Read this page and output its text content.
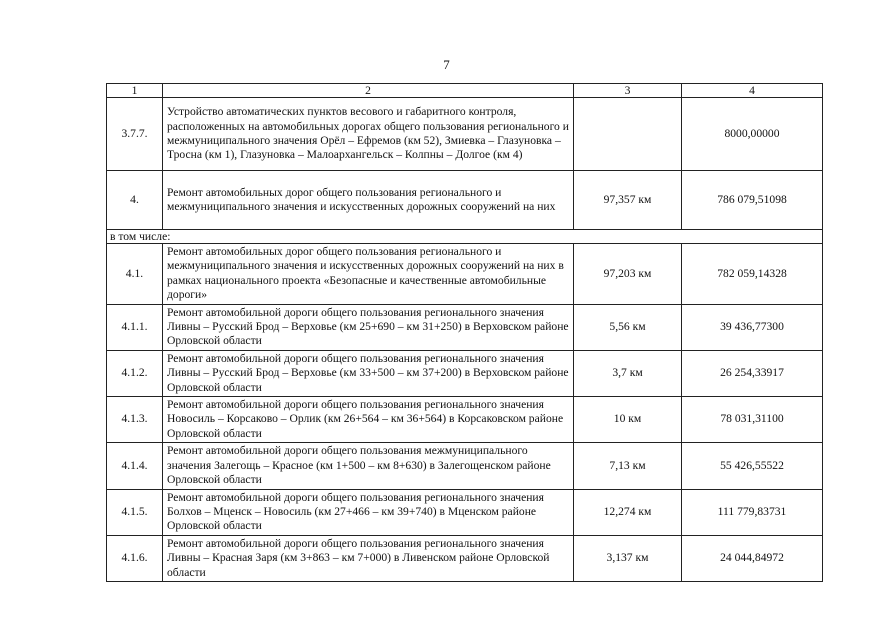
7
1	2	3	4
3.7.7.	Устройство автоматических пунктов весового и габаритного контроля, расположенных на автомобильных дорогах общего пользования регионального и межмуниципального значения Орёл – Ефремов (км 52), Змиевка – Глазуновка – Тросна (км 1), Глазуновка – Малоархангельск – Колпны – Долгое (км 4)		8000,00000
4.	Ремонт автомобильных дорог общего пользования регионального и межмуниципального значения и искусственных дорожных сооружений на них	97,357 км	786 079,51098
в том числе:			
4.1.	Ремонт автомобильных дорог общего пользования регионального и межмуниципального значения и искусственных дорожных сооружений на них в рамках национального проекта «Безопасные и качественные автомобильные дороги»	97,203 км	782 059,14328
4.1.1.	Ремонт автомобильной дороги общего пользования регионального значения Ливны – Русский Брод – Верховье (км 25+690 – км 31+250) в Верховском районе Орловской области	5,56 км	39 436,77300
4.1.2.	Ремонт автомобильной дороги общего пользования регионального значения Ливны – Русский Брод – Верховье (км 33+500 – км 37+200) в Верховском районе Орловской области	3,7 км	26 254,33917
4.1.3.	Ремонт автомобильной дороги общего пользования регионального значения Новосиль – Корсаково – Орлик (км 26+564 – км 36+564) в Корсаковском районе Орловской области	10 км	78 031,31100
4.1.4.	Ремонт автомобильной дороги общего пользования межмуниципального значения Залегощь – Красное (км 1+500 – км 8+630) в Залегощенском районе Орловской области	7,13 км	55 426,55522
4.1.5.	Ремонт автомобильной дороги общего пользования регионального значения Болхов – Мценск – Новосиль (км 27+466 – км 39+740) в Мценском районе Орловской области	12,274 км	111 779,83731
4.1.6.	Ремонт автомобильной дороги общего пользования регионального значения Ливны – Красная Заря (км 3+863 – км 7+000) в Ливенском районе Орловской области	3,137 км	24 044,84972
